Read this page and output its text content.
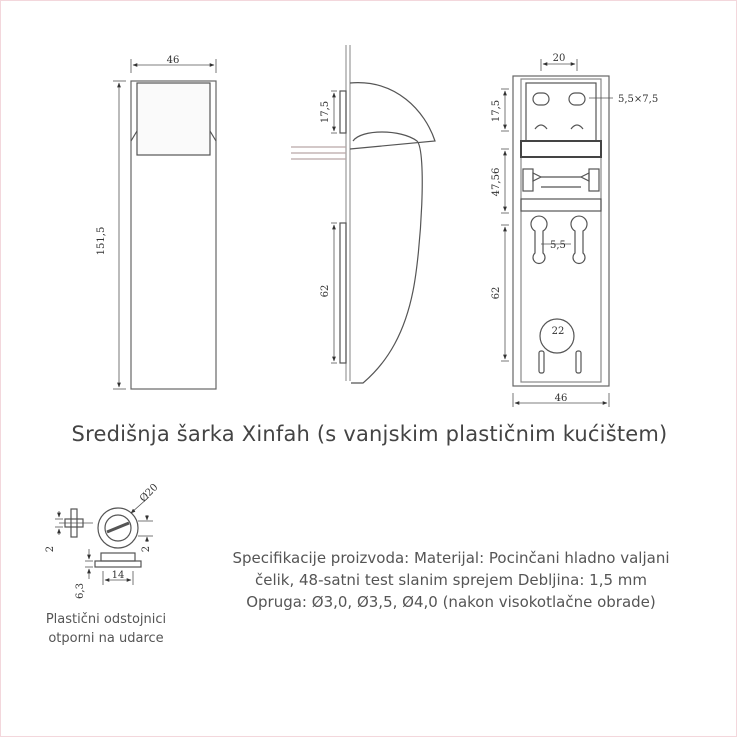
46
151,5
17,5
62
20
5,5×7,5
17,5
47,56
5,5
62
22
46
Ø20
2	2
6,3
14
Središnja šarka Xinfah (s vanjskim plastičnim kućištem)
Specifikacije proizvoda: Materijal: Pocinčani hladno valjani
čelik, 48-satni test slanim sprejem Debljina: 1,5 mm
Opruga: Ø3,0, Ø3,5, Ø4,0 (nakon visokotlačne obrade)
Plastični odstojnici
otporni na udarce
